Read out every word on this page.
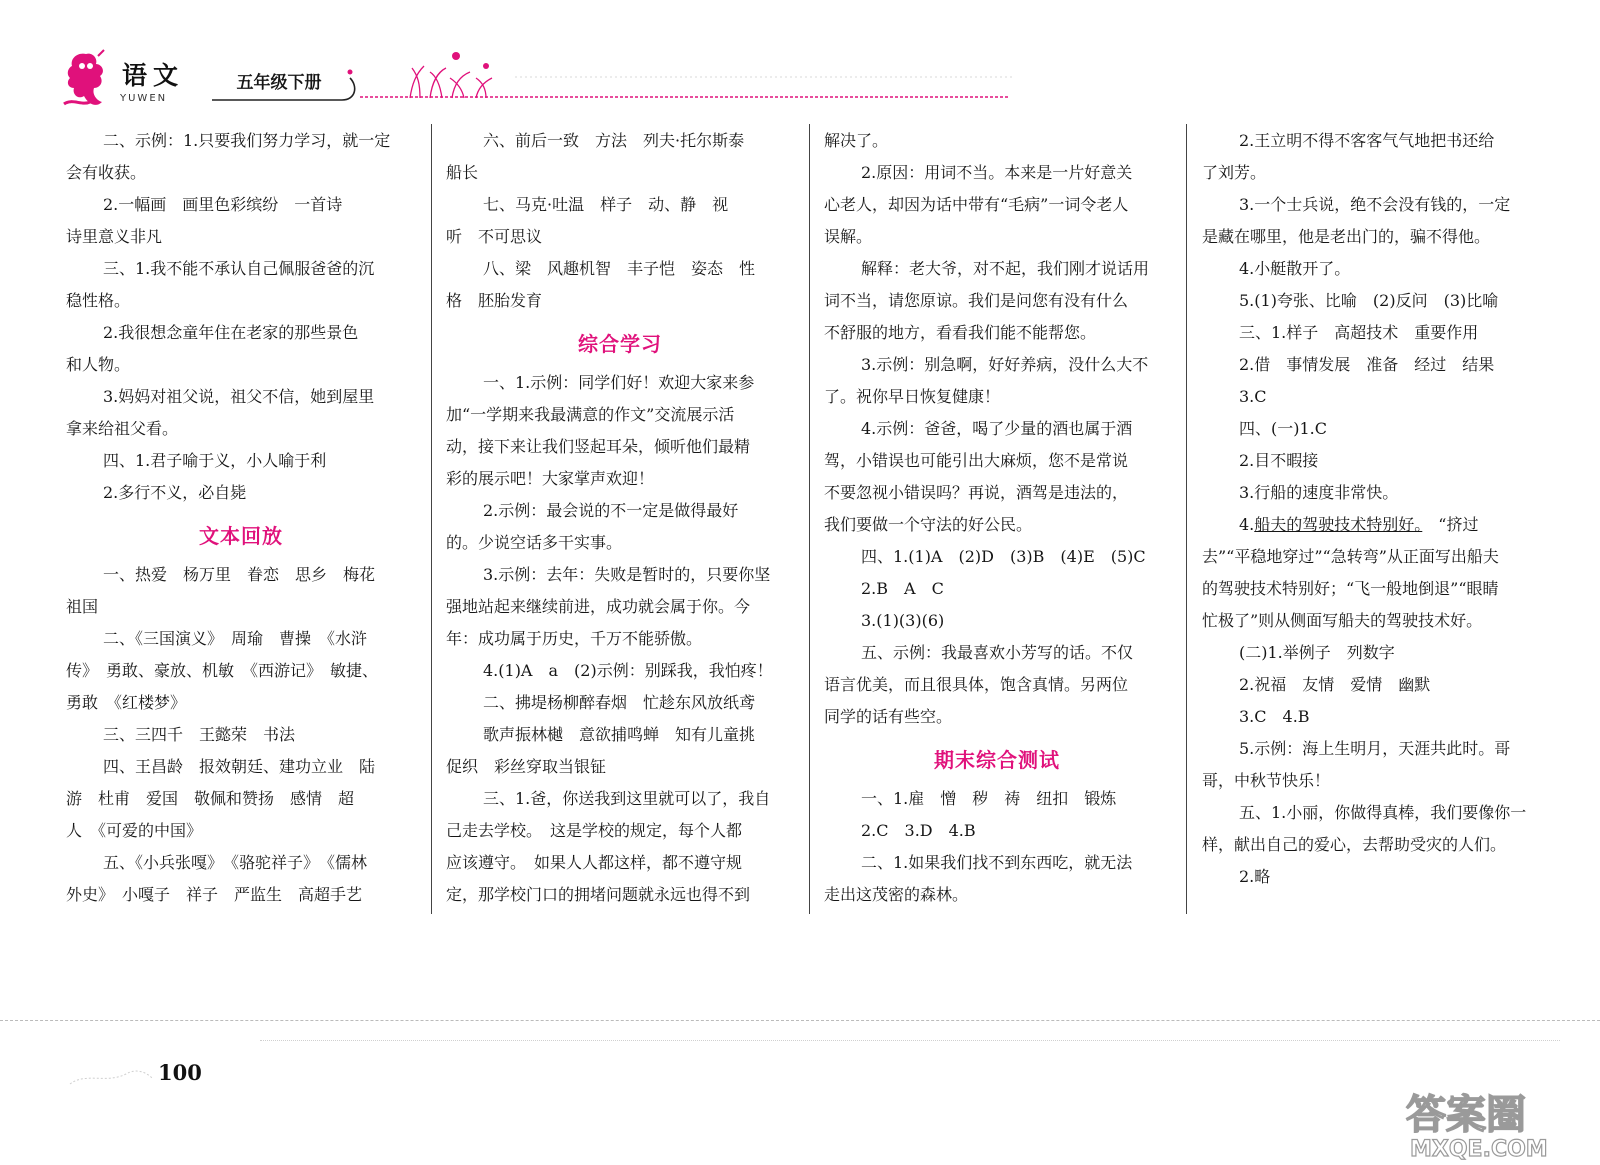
语文
YUWEN
五年级下册

二、示例：1.只要我们努力学习，就一定

会有收获。

2.一幅画　画里色彩缤纷　一首诗

诗里意义非凡

三、1.我不能不承认自己佩服爸爸的沉

稳性格。

2.我很想念童年住在老家的那些景色

和人物。

3.妈妈对祖父说，祖父不信，她到屋里

拿来给祖父看。

四、1.君子喻于义，小人喻于利

2.多行不义，必自毙

文本回放

一、热爱　杨万里　眷恋　思乡　梅花

祖国

二、《三国演义》　周瑜　曹操　《水浒

传》　勇敢、豪放、机敏　《西游记》　敏捷、

勇敢　《红楼梦》

三、三四千　王懿荣　书法

四、王昌龄　报效朝廷、建功立业　陆

游　杜甫　爱国　敬佩和赞扬　感情　超

人　《可爱的中国》

五、《小兵张嘎》　《骆驼祥子》　《儒林

外史》　小嘎子　祥子　严监生　高超手艺

六、前后一致　方法　列夫·托尔斯泰

船长

七、马克·吐温　样子　动、静　视

听　不可思议

八、梁　风趣机智　丰子恺　姿态　性

格　胚胎发育

综合学习

一、1.示例：同学们好！欢迎大家来参

加“一学期来我最满意的作文”交流展示活

动，接下来让我们竖起耳朵，倾听他们最精

彩的展示吧！大家掌声欢迎！

2.示例：最会说的不一定是做得最好

的。少说空话多干实事。

3.示例：去年：失败是暂时的，只要你坚

强地站起来继续前进，成功就会属于你。今

年：成功属于历史，千万不能骄傲。

4.(1)A　a　(2)示例：别踩我，我怕疼！

二、拂堤杨柳醉春烟　忙趁东风放纸鸢

歌声振林樾　意欲捕鸣蝉　知有儿童挑

促织　彩丝穿取当银钲

三、1.爸，你送我到这里就可以了，我自

己走去学校。　这是学校的规定，每个人都

应该遵守。　如果人人都这样，都不遵守规

定，那学校门口的拥堵问题就永远也得不到

解决了。

2.原因：用词不当。本来是一片好意关

心老人，却因为话中带有“毛病”一词令老人

误解。

解释：老大爷，对不起，我们刚才说话用

词不当，请您原谅。我们是问您有没有什么

不舒服的地方，看看我们能不能帮您。

3.示例：别急啊，好好养病，没什么大不

了。祝你早日恢复健康！

4.示例：爸爸，喝了少量的酒也属于酒

驾，小错误也可能引出大麻烦，您不是常说

不要忽视小错误吗？再说，酒驾是违法的，

我们要做一个守法的好公民。

四、1.(1)A　(2)D　(3)B　(4)E　(5)C

2.B　A　C

3.(1)(3)(6)

五、示例：我最喜欢小芳写的话。不仅

语言优美，而且很具体，饱含真情。另两位

同学的话有些空。

期末综合测试

一、1.雇　憎　秽　祷　纽扣　锻炼

2.C　3.D　4.B

二、1.如果我们找不到东西吃，就无法

走出这茂密的森林。

2.王立明不得不客客气气地把书还给

了刘芳。

3.一个士兵说，绝不会没有钱的，一定

是藏在哪里，他是老出门的，骗不得他。

4.小艇散开了。

5.(1)夸张、比喻　(2)反问　(3)比喻

三、1.样子　高超技术　重要作用

2.借　事情发展　准备　经过　结果

3.C

四、(一)1.C

2.目不暇接

3.行船的速度非常快。

4.船夫的驾驶技术特别好。　“挤过

去”“平稳地穿过”“急转弯”从正面写出船夫

的驾驶技术特别好；“飞一般地倒退”“眼睛

忙极了”则从侧面写船夫的驾驶技术好。

(二)1.举例子　列数字

2.祝福　友情　爱情　幽默

3.C　4.B

5.示例：海上生明月，天涯共此时。哥

哥，中秋节快乐！

五、1.小丽，你做得真棒，我们要像你一

样，献出自己的爱心，去帮助受灾的人们。

2.略

100
答案圈
MXQE.COM
